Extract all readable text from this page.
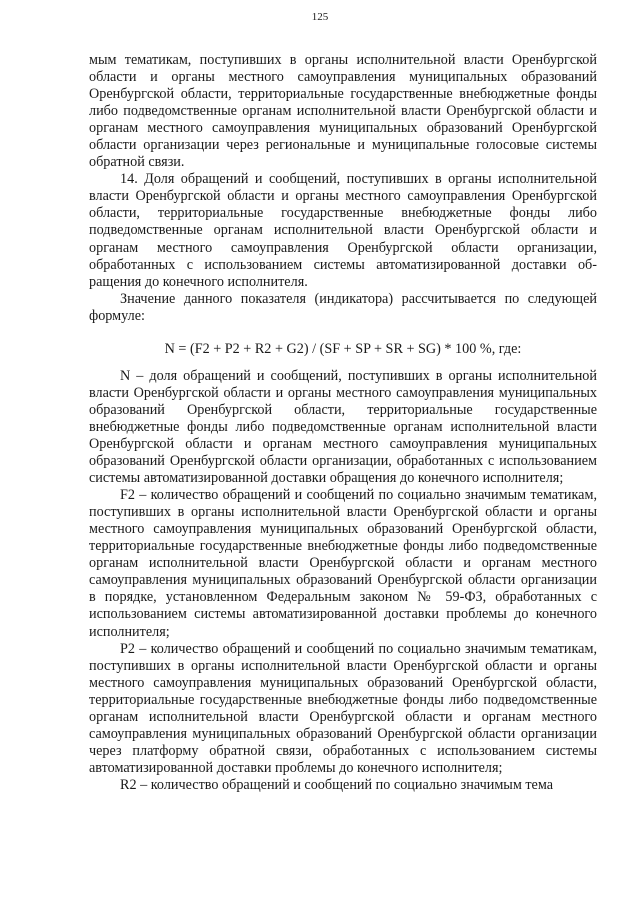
125

мым тематикам, поступивших в органы исполнительной власти Оренбургской области и органы местного самоуправления муниципальных образований Оренбургской области, территориальные государственные внебюджетные фонды либо подведомственные органам исполнительной власти Оренбургской области и органам местного самоуправления муниципальных образований Оренбургской области организации через региональные и муниципальные голосовые системы обратной связи.

14. Доля обращений и сообщений, поступивших в органы исполнительной власти Оренбургской области и органы местного самоуправления Оренбургской области, территориальные государственные внебюджетные фонды либо подведомственные органам исполнительной власти Оренбургской области и органам местного самоуправления Оренбургской области организации, обработанных с использованием системы автоматизированной доставки обращения до конечного исполнителя.

Значение данного показателя (индикатора) рассчитывается по следующей формуле:

N = (F2 + P2 + R2 + G2) / (SF + SP + SR + SG) * 100 %, где:

N – доля обращений и сообщений, поступивших в органы исполнительной власти Оренбургской области и органы местного самоуправления муниципальных образований Оренбургской области, территориальные государственные внебюджетные фонды либо подведомственные органам исполнительной власти Оренбургской области и органам местного самоуправления муниципальных образований Оренбургской области организации, обработанных с использованием системы автоматизированной доставки обращения до конечного исполнителя;

F2 – количество обращений и сообщений по социально значимым тематикам, поступивших в органы исполнительной власти Оренбургской области и органы местного самоуправления муниципальных образований Оренбургской области, территориальные государственные внебюджетные фонды либо подведомственные органам исполнительной власти Оренбургской области и органам местного самоуправления муниципальных образований Оренбургской области организации в порядке, установленном Федеральным законом № 59-ФЗ, обработанных с использованием системы автоматизированной доставки проблемы до конечного исполнителя;

P2 – количество обращений и сообщений по социально значимым тематикам, поступивших в органы исполнительной власти Оренбургской области и органы местного самоуправления муниципальных образований Оренбургской области, территориальные государственные внебюджетные фонды либо подведомственные органам исполнительной власти Оренбургской области и органам местного самоуправления муниципальных образований Оренбургской области организации через платформу обратной связи, обработанных с использованием системы автоматизированной доставки проблемы до конечного исполнителя;

R2 – количество обращений и сообщений по социально значимым тема
